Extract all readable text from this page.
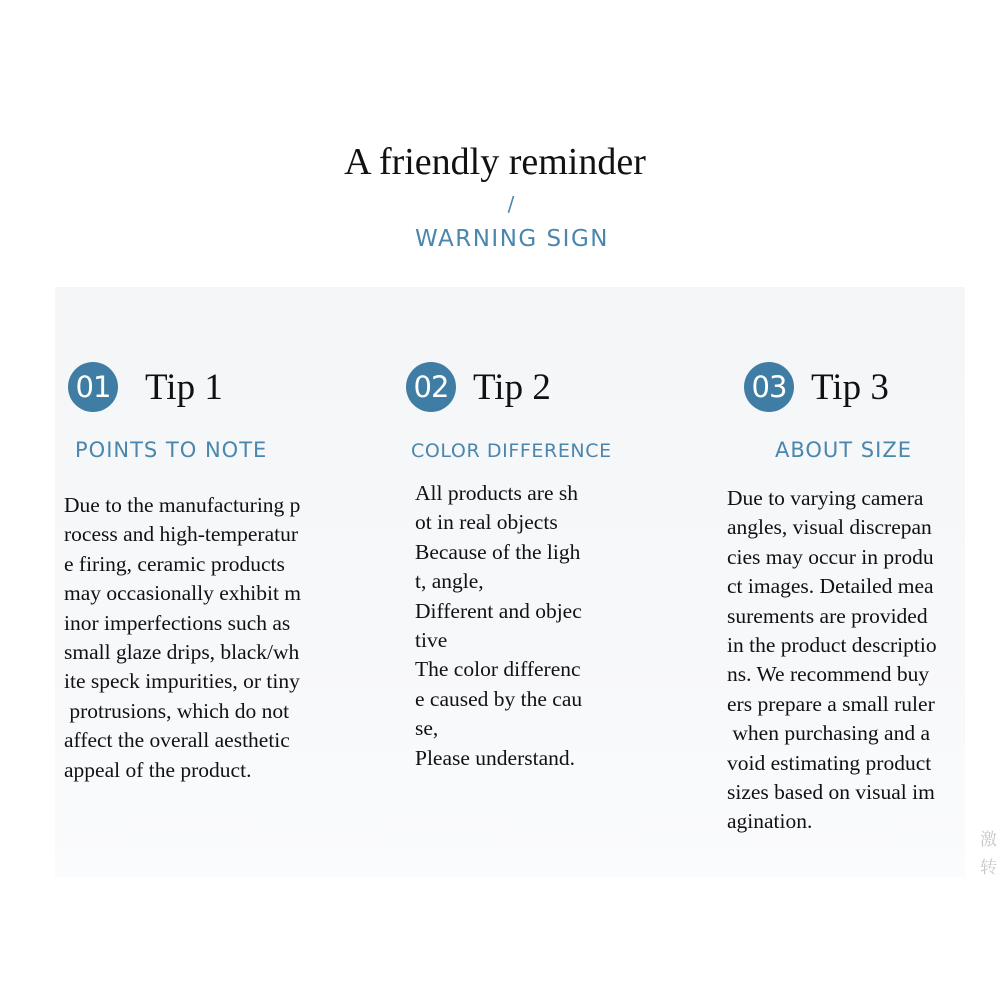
A friendly reminder
/
WARNING SIGN
01 Tip 1
POINTS TO NOTE
Due to the manufacturing p
rocess and high-temperatur
e firing, ceramic products
may occasionally exhibit m
inor imperfections such as
small glaze drips, black/wh
ite speck impurities, or tiny
protrusions, which do not
affect the overall aesthetic
appeal of the product.
02 Tip 2
COLOR DIFFERENCE
All products are sh
ot in real objects
Because of the ligh
t, angle,
Different and objec
tive
The color differenc
e caused by the cau
se,
Please understand.
03 Tip 3
ABOUT SIZE
Due to varying camera
angles, visual discrepan
cies may occur in produ
ct images. Detailed mea
surements are provided
in the product descriptio
ns. We recommend buy
ers prepare a small ruler
when purchasing and a
void estimating product
sizes based on visual im
agination.
激
转
